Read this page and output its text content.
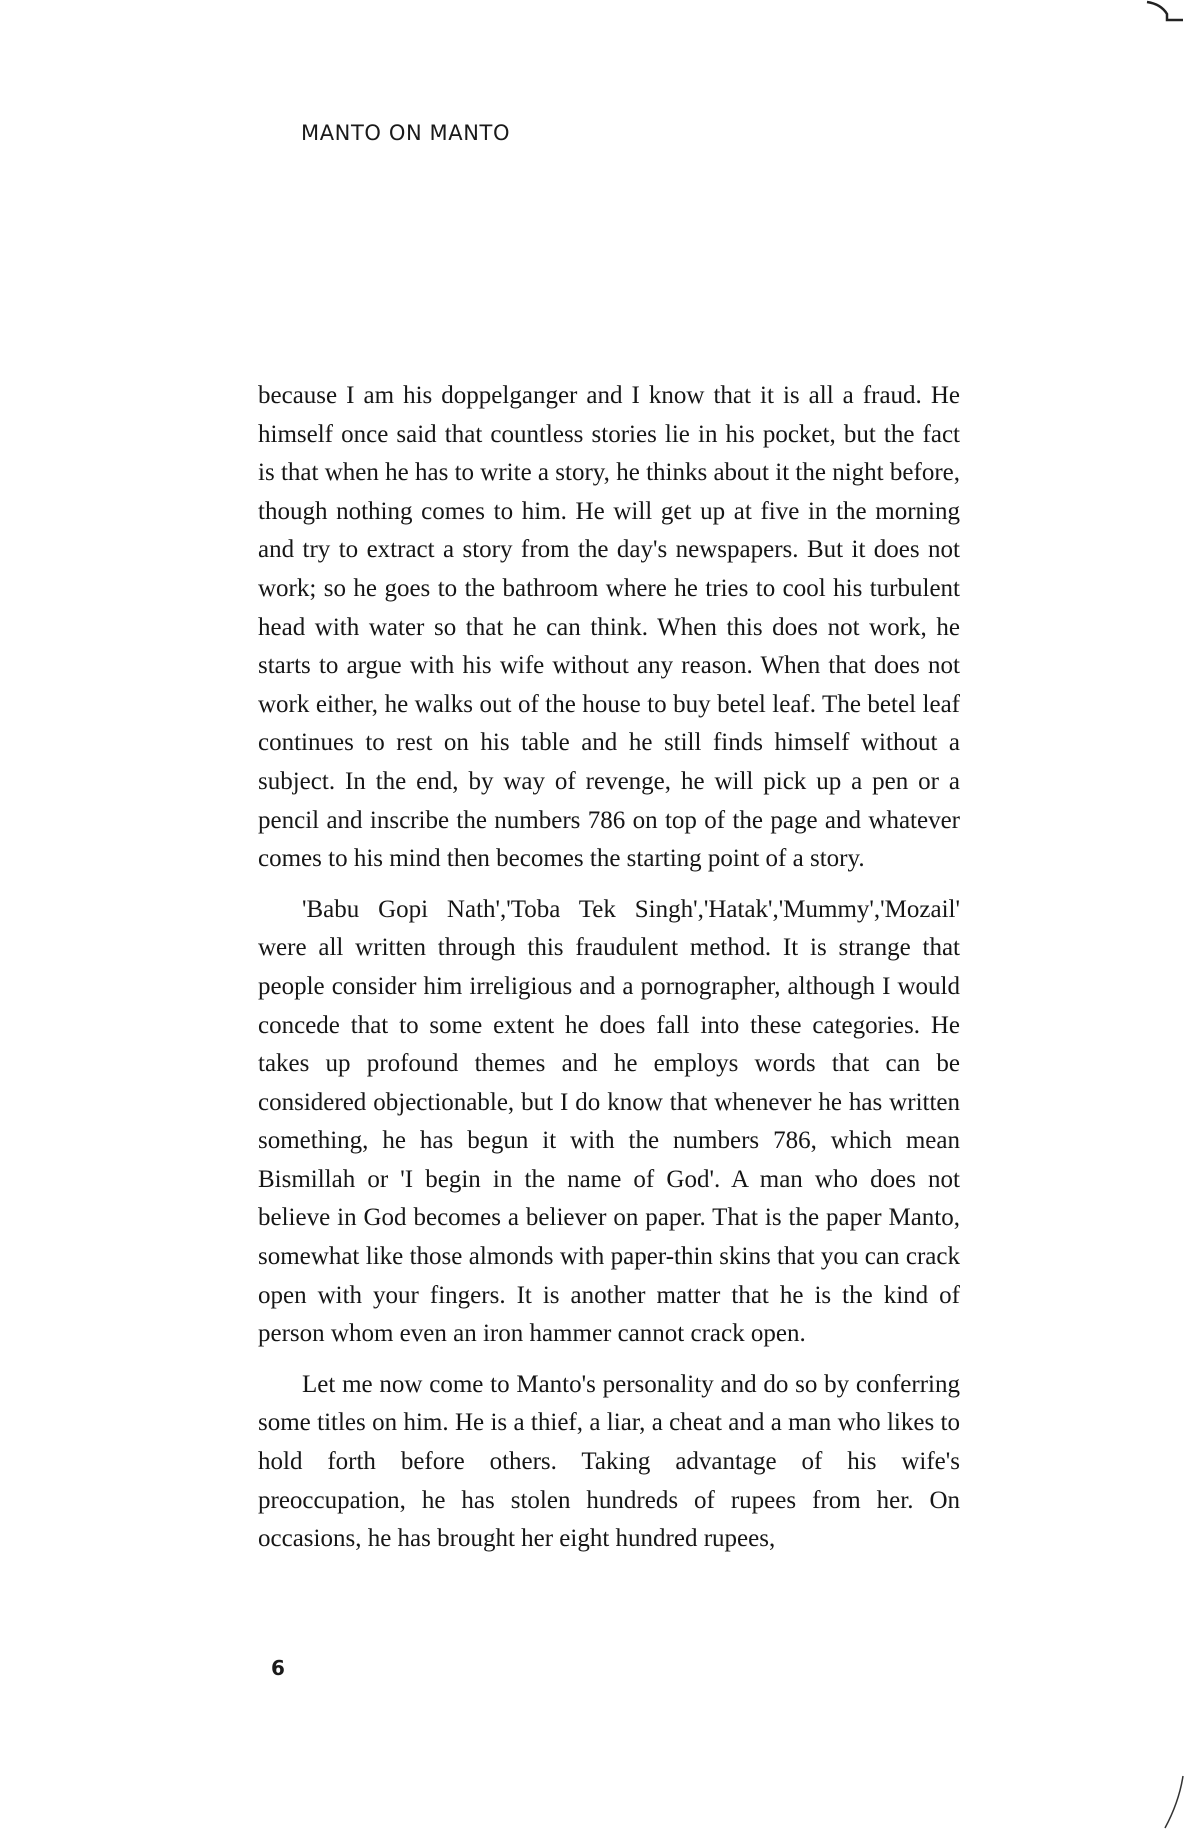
MANTO ON MANTO

because I am his doppelganger and I know that it is all a fraud. He himself once said that countless stories lie in his pocket, but the fact is that when he has to write a story, he thinks about it the night before, though nothing comes to him. He will get up at five in the morning and try to extract a story from the day's newspapers. But it does not work; so he goes to the bathroom where he tries to cool his turbulent head with water so that he can think. When this does not work, he starts to argue with his wife without any reason. When that does not work either, he walks out of the house to buy betel leaf. The betel leaf continues to rest on his table and he still finds himself without a subject. In the end, by way of revenge, he will pick up a pen or a pencil and inscribe the numbers 786 on top of the page and whatever comes to his mind then becomes the starting point of a story.

'Babu Gopi Nath','Toba Tek Singh','Hatak','Mummy','Mozail' were all written through this fraudulent method. It is strange that people consider him irreligious and a pornographer, although I would concede that to some extent he does fall into these categories. He takes up profound themes and he employs words that can be considered objectionable, but I do know that whenever he has written something, he has begun it with the numbers 786, which mean Bismillah or 'I begin in the name of God'. A man who does not believe in God becomes a believer on paper. That is the paper Manto, somewhat like those almonds with paper-thin skins that you can crack open with your fingers. It is another matter that he is the kind of person whom even an iron hammer cannot crack open.

Let me now come to Manto's personality and do so by conferring some titles on him. He is a thief, a liar, a cheat and a man who likes to hold forth before others. Taking advantage of his wife's preoccupation, he has stolen hundreds of rupees from her. On occasions, he has brought her eight hundred rupees,

6
